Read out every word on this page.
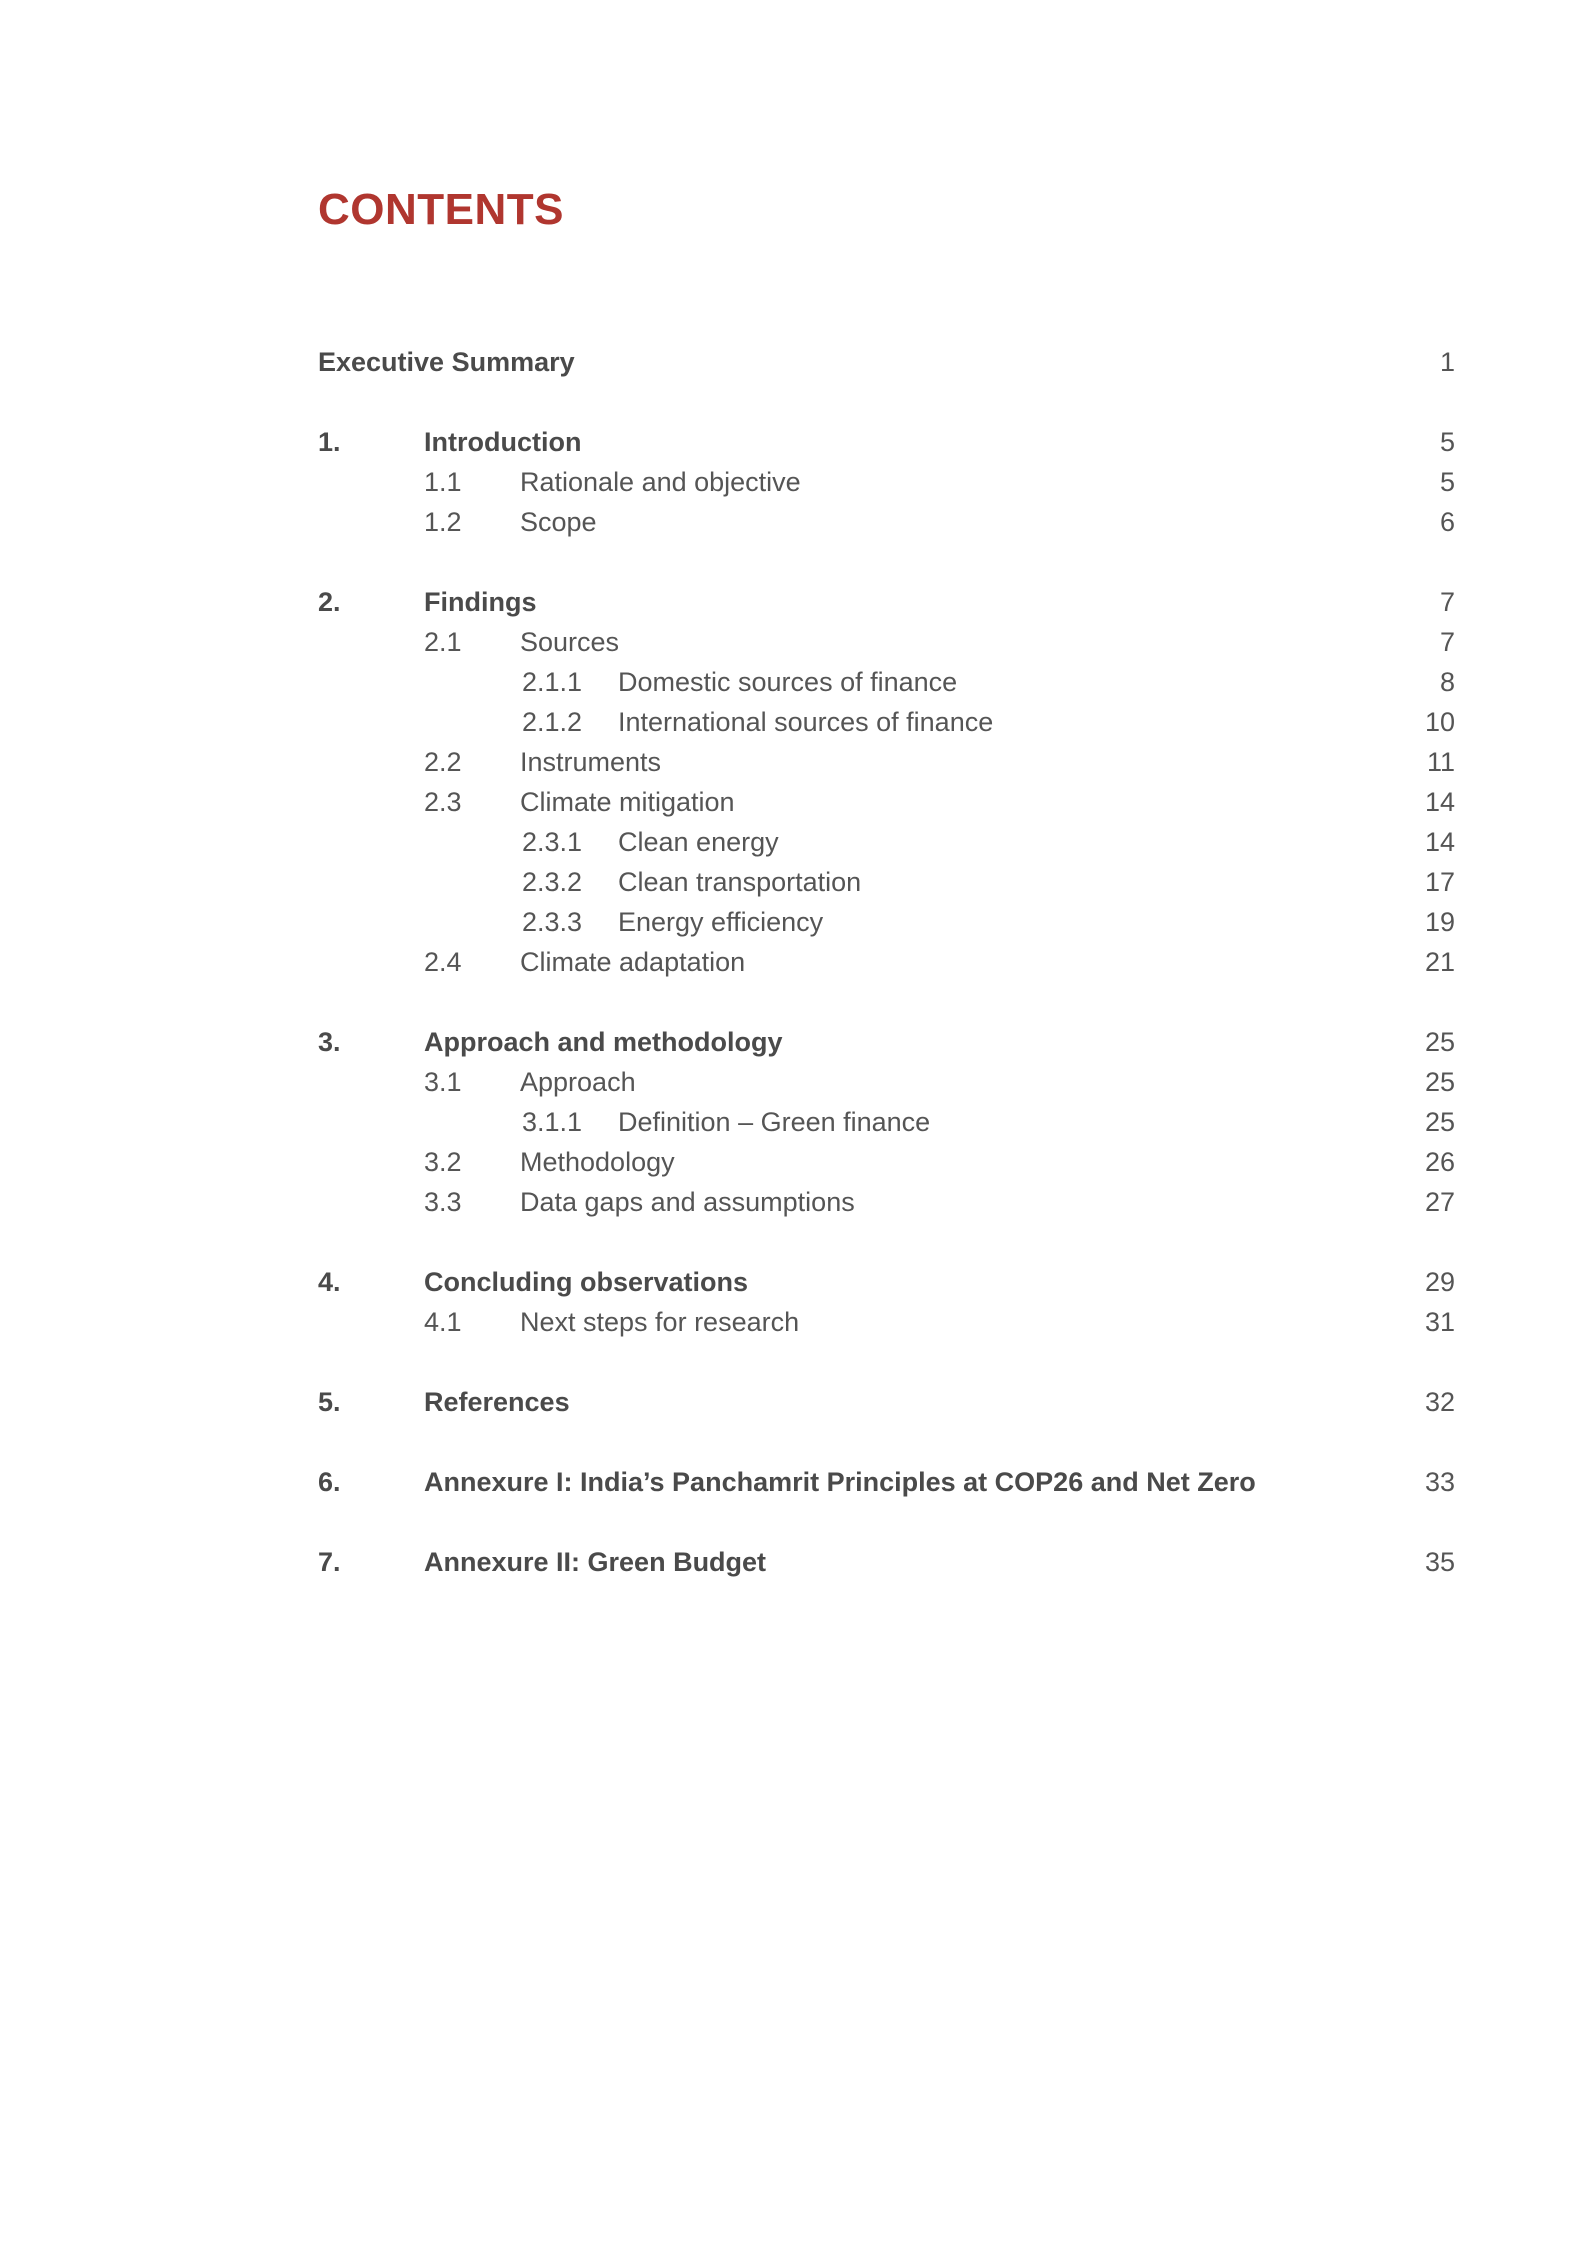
CONTENTS
Executive Summary	1
1.	Introduction	5
1.1 Rationale and objective	5
1.2 Scope	6
2.	Findings	7
2.1 Sources	7
2.1.1 Domestic sources of finance	8
2.1.2 International sources of finance	10
2.2 Instruments	11
2.3 Climate mitigation	14
2.3.1 Clean energy	14
2.3.2 Clean transportation	17
2.3.3 Energy efficiency	19
2.4 Climate adaptation	21
3.	Approach and methodology	25
3.1 Approach	25
3.1.1 Definition – Green finance	25
3.2 Methodology	26
3.3 Data gaps and assumptions	27
4.	Concluding observations	29
4.1 Next steps for research	31
5.	References	32
6.	Annexure I: India’s Panchamrit Principles at COP26 and Net Zero	33
7.	Annexure II: Green Budget	35
